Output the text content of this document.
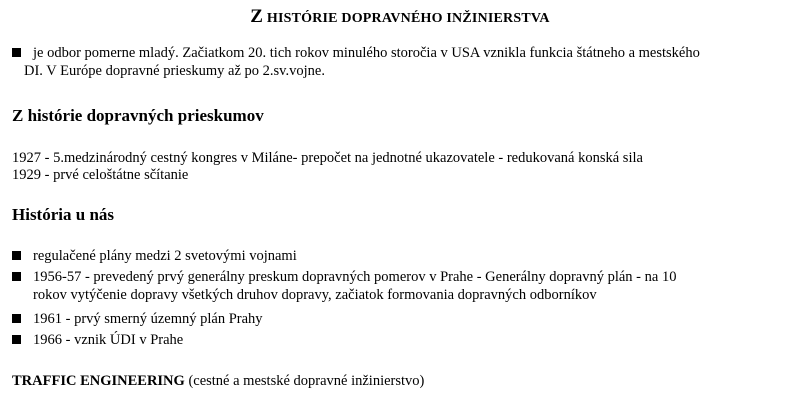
Z HISTÓRIE DOPRAVNÉHO INŽINIERSTVA
je odbor pomerne mladý. Začiatkom 20. tich rokov minulého storočia v USA vznikla funkcia štátneho a mestského
DI. V Európe dopravné prieskumy až po 2.sv.vojne.
Z histórie dopravných prieskumov
1927 - 5.medzinárodný cestný kongres v Miláne- prepočet na jednotné ukazovatele - redukovaná konská sila
1929 - prvé celoštátne sčítanie
História u nás
regulačené plány medzi 2 svetovými vojnami
1956-57 - prevedený prvý generálny preskum dopravných pomerov v Prahe - Generálny dopravný plán - na 10
rokov vytýčenie dopravy všetkých druhov dopravy, začiatok formovania dopravných odborníkov
1961 - prvý smerný územný plán Prahy
1966 - vznik ÚDI v Prahe
TRAFFIC ENGINEERING (cestné a mestské dopravné inžinierstvo)
